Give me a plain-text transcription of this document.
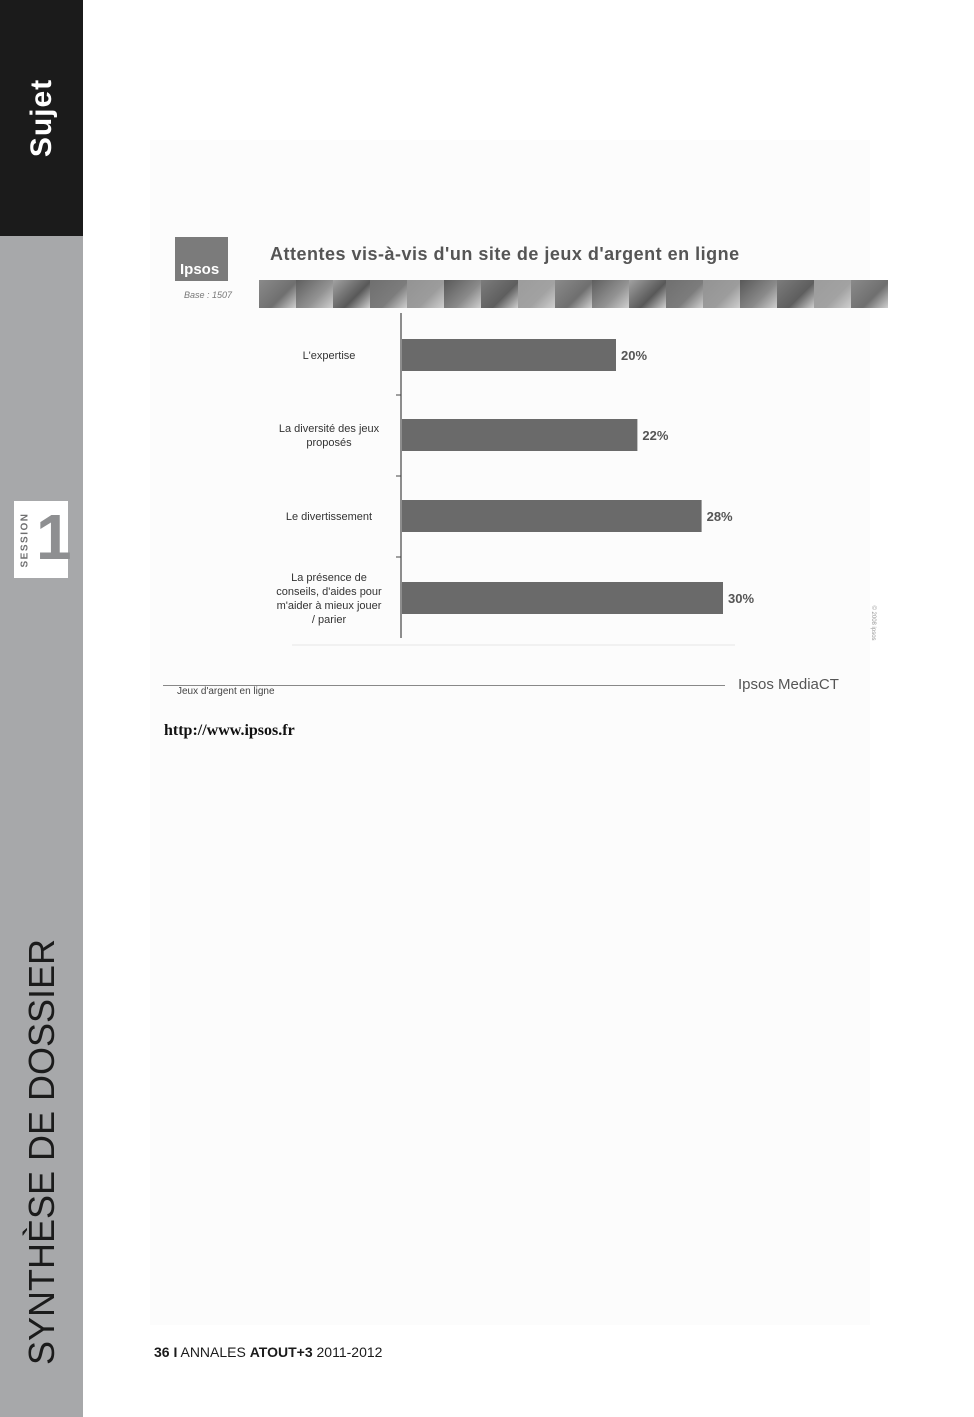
Sujet
SESSION 1
SYNTHÈSE DE DOSSIER
Ipsos
Base : 1507
Attentes vis-à-vis d'un site de jeux d'argent en ligne
20%
L'expertise
22%
La diversité des jeux proposés
28%
Le divertissement
30%
La présence de conseils, d'aides pour m'aider à mieux jouer / parier
Jeux d'argent en ligne	Ipsos MediaCT
© 2008 ipsos
http://www.ipsos.fr
36 I ANNALES ATOUT+3 2011-2012
